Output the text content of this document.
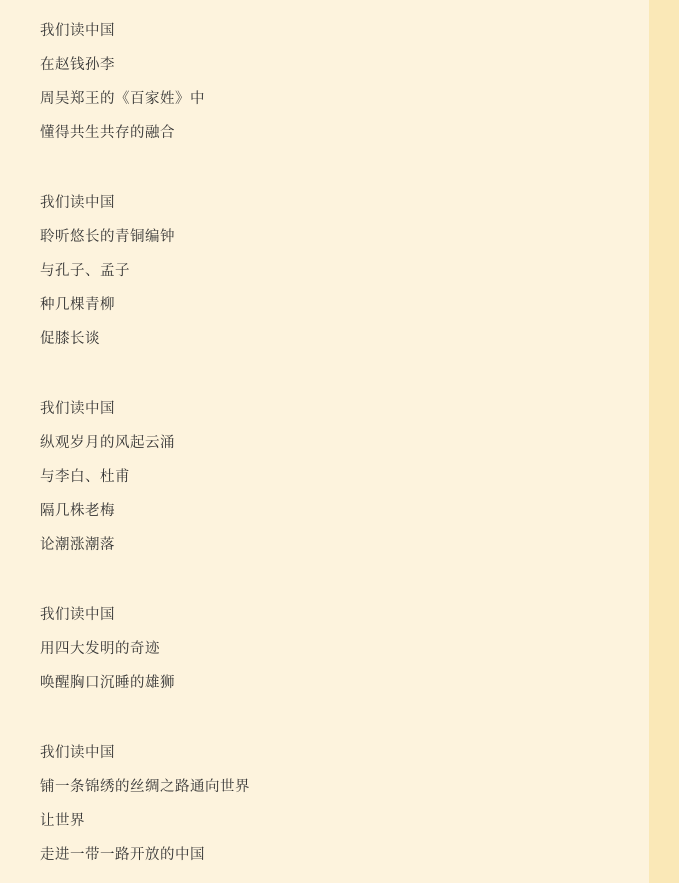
我们读中国
在赵钱孙李
周吴郑王的《百家姓》中
懂得共生共存的融合
我们读中国
聆听悠长的青铜编钟
与孔子、孟子
种几棵青柳
促膝长谈
我们读中国
纵观岁月的风起云涌
与李白、杜甫
隔几株老梅
论潮涨潮落
我们读中国
用四大发明的奇迹
唤醒胸口沉睡的雄狮
我们读中国
铺一条锦绣的丝绸之路通向世界
让世界
走进一带一路开放的中国
